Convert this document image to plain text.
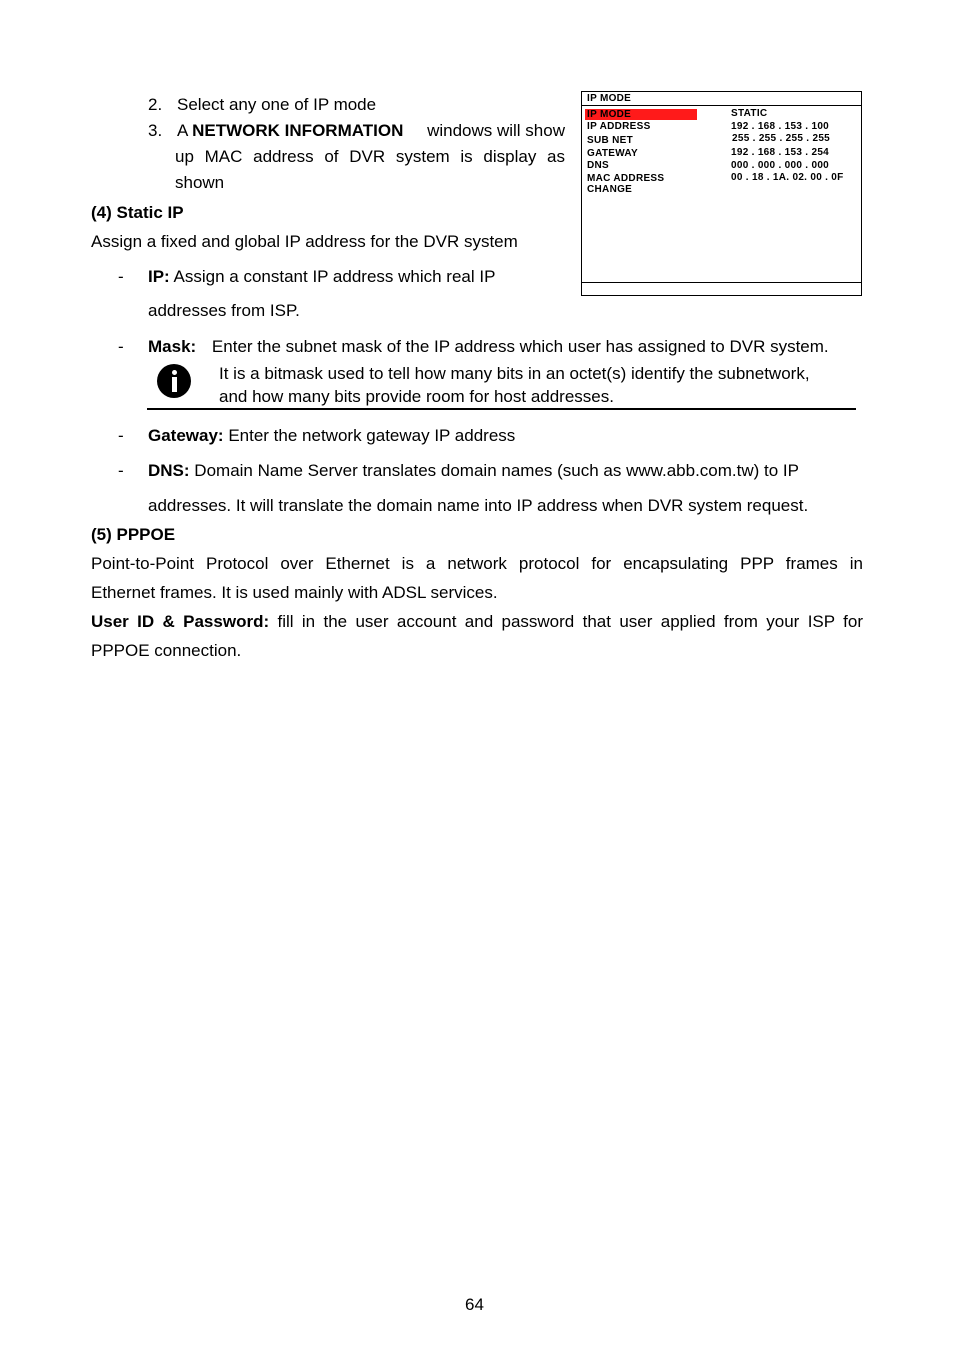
2. Select any one of IP mode
3. A NETWORK INFORMATION windows will show
up MAC address of DVR system is display as
shown
(4) Static IP
Assign a fixed and global IP address for the DVR system
- IP: Assign a constant IP address which real IP
addresses from ISP.
- Mask: Enter the subnet mask of the IP address which user has assigned to DVR system.
It is a bitmask used to tell how many bits in an octet(s) identify the subnetwork,
and how many bits provide room for host addresses.
- Gateway: Enter the network gateway IP address
- DNS: Domain Name Server translates domain names (such as www.abb.com.tw) to IP
addresses. It will translate the domain name into IP address when DVR system request.
(5) PPPOE
Point-to-Point Protocol over Ethernet is a network protocol for encapsulating PPP frames in
Ethernet frames. It is used mainly with ADSL services.
User ID & Password: fill in the user account and password that user applied from your ISP for
PPPOE connection.
IP MODE
IP MODE
IP ADDRESS
SUB NET
GATEWAY
DNS
MAC ADDRESS
CHANGE
STATIC
192 . 168 . 153 . 100
255 . 255 . 255 . 255
192 . 168 . 153 . 254
000 . 000 . 000 . 000
00 . 18 . 1A. 02. 00 . 0F
64
